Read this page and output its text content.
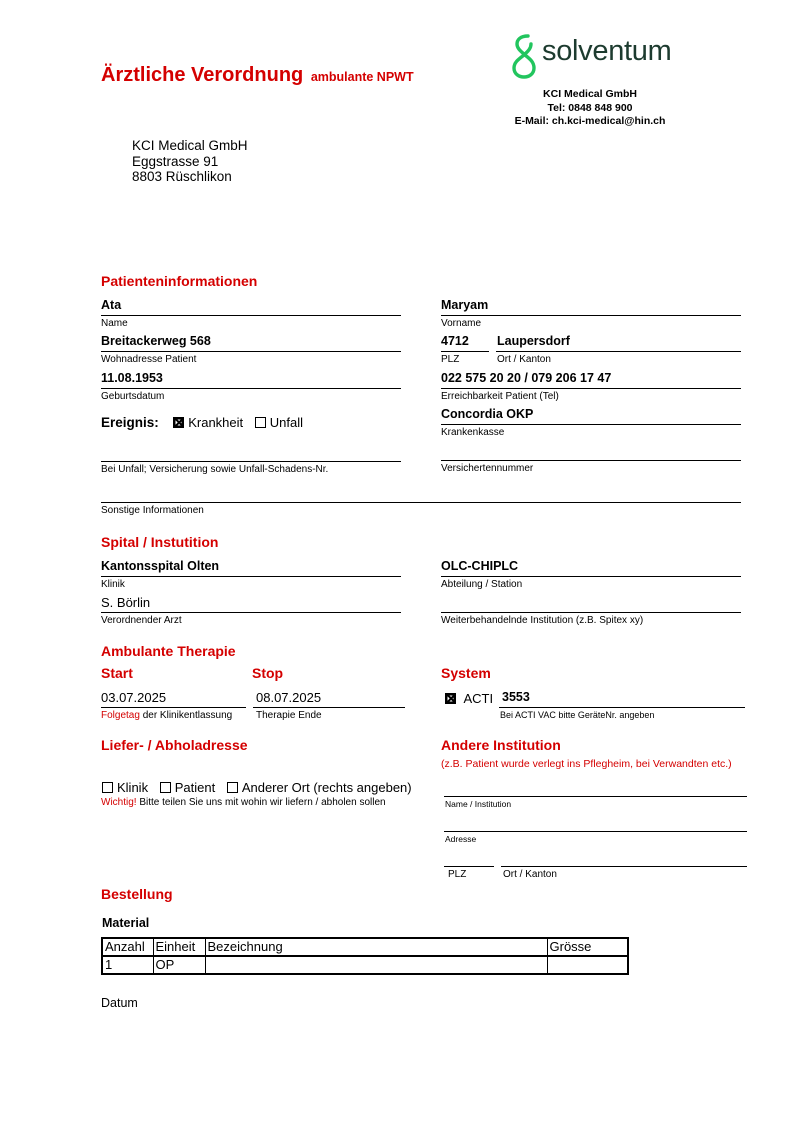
Ärztliche Verordnung ambulante NPWT
solventum
KCI Medical GmbH
Tel: 0848 848 900
E-Mail: ch.kci-medical@hin.ch
KCI Medical GmbH
Eggstrasse 91
8803 Rüschlikon
Patienteninformationen
Ata
Name
Maryam
Vorname
Breitackerweg 568
Wohnadresse Patient
4712
PLZ
Laupersdorf
Ort / Kanton
11.08.1953
Geburtsdatum
022 575 20 20 / 079 206 17 47
Erreichbarkeit Patient (Tel)
Ereignis: Krankheit Unfall
Concordia OKP
Krankenkasse
Bei Unfall; Versicherung sowie Unfall-Schadens-Nr.	Versichertennummer
Sonstige Informationen
Spital / Instutition
Kantonsspital Olten
Klinik
OLC-CHIPLC
Abteilung / Station
S. Börlin
Verordnender Arzt	Weiterbehandelnde Institution (z.B. Spitex xy)
Ambulante Therapie
Start
03.07.2025
Folgetag der Klinikentlassung
Stop
08.07.2025
Therapie Ende
System
ACTI 3553
Bei ACTI VAC bitte GeräteNr. angeben
Liefer- / Abholadresse
Klinik Patient Anderer Ort (rechts angeben)
Wichtig! Bitte teilen Sie uns mit wohin wir liefern / abholen sollen
Andere Institution
(z.B. Patient wurde verlegt ins Pflegheim, bei Verwandten etc.)
Name / Institution
Adresse
PLZ	Ort / Kanton
Bestellung
Material
Anzahl	Einheit	Bezeichnung	Grösse
1	OP		
Datum
